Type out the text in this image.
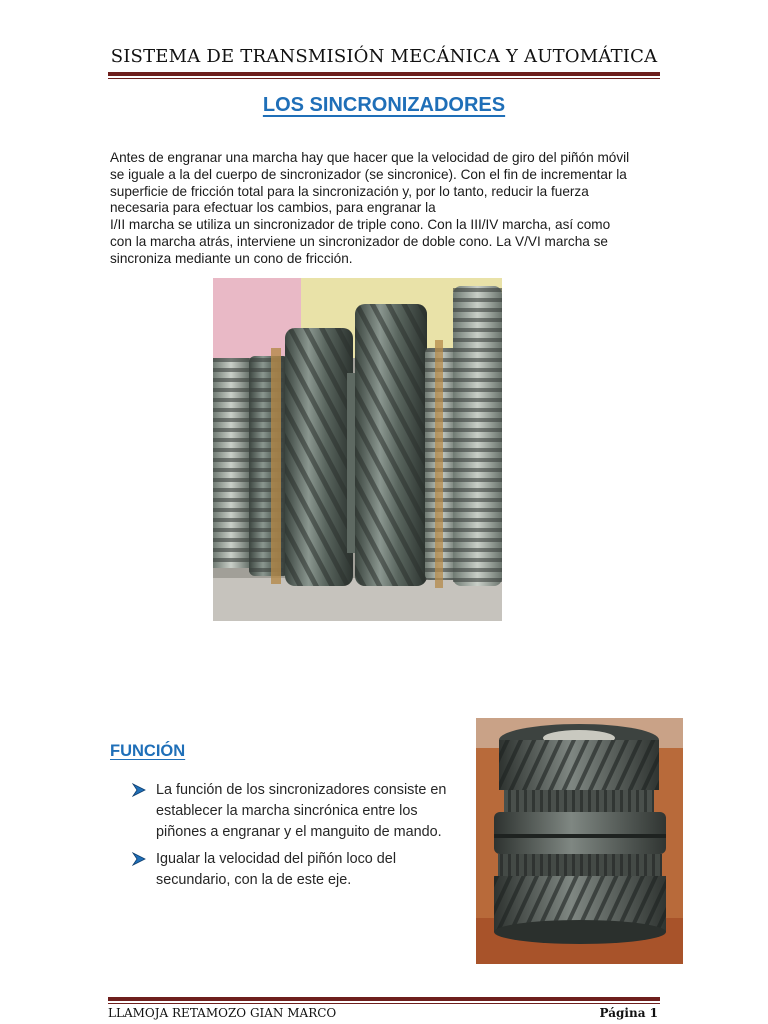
SISTEMA DE TRANSMISIÓN MECÁNICA Y AUTOMÁTICA
LOS SINCRONIZADORES

Antes de engranar una marcha hay que hacer que la velocidad de giro del piñón móvil

se iguale a la del cuerpo de sincronizador (se sincronice). Con el fin de incrementar la

superficie de fricción total para la sincronización y, por lo tanto, reducir la fuerza

necesaria para efectuar los cambios, para engranar la

I/II marcha se utiliza un sincronizador de triple cono. Con la III/IV marcha, así como

con la marcha atrás, interviene un sincronizador de doble cono. La V/VI marcha se

sincroniza mediante un cono de fricción.

FUNCIÓN
La función de los sincronizadores consiste en establecer la marcha sincrónica entre los piñones a engranar y el manguito de mando.
Igualar la velocidad del piñón loco del secundario, con la de este eje.
LLAMOJA RETAMOZO GIAN MARCO	Página 1
